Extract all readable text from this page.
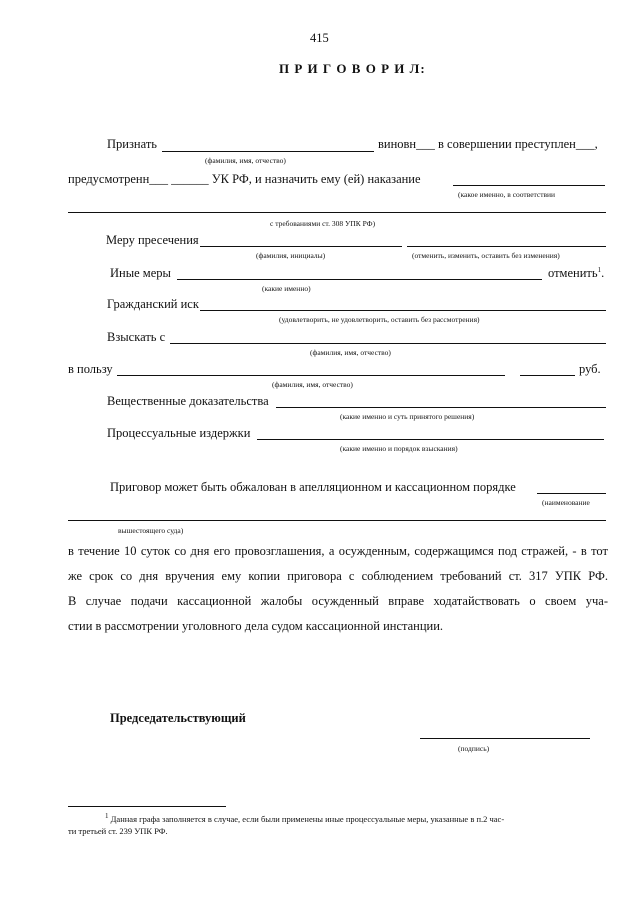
415
П Р И Г О В О Р И Л:
Признать	виновн___ в совершении преступлен___,
(фамилия, имя, отчество)
предусмотренн___ ______ УК РФ, и назначить ему (ей) наказание
(какое именно, в соответствии
с требованиями ст. 308 УПК РФ)
Меру пресечения
(фамилия, инициалы)	(отменить, изменить, оставить без изменения)
Иные меры	отменить$^1$.
(какие именно)
Гражданский иск
(удовлетворить, не удовлетворить, оставить без рассмотрения)
Взыскать с
(фамилия, имя, отчество)
в пользу	руб.
(фамилия, имя, отчество)
Вещественные доказательства
(какие именно и суть принятого решения)
Процессуальные издержки
(какие именно и порядок взыскания)
Приговор может быть обжалован в апелляционном и кассационном порядке
(наименование
вышестоящего суда)

в течение 10 суток со дня его провозглашения, а осужденным, содержащимся под стражей, - в тот

же срок со дня вручения ему копии приговора с соблюдением требований ст. 317 УПК РФ.

В случае подачи кассационной жалобы осужденный вправе ходатайствовать о своем уча-

стии в рассмотрении уголовного дела судом кассационной инстанции.

Председательствующий
(подпись)
$^1$ Данная графа заполняется в случае, если были применены иные процессуальные меры, указанные в п.2 час-
ти третьей ст. 239 УПК РФ.
